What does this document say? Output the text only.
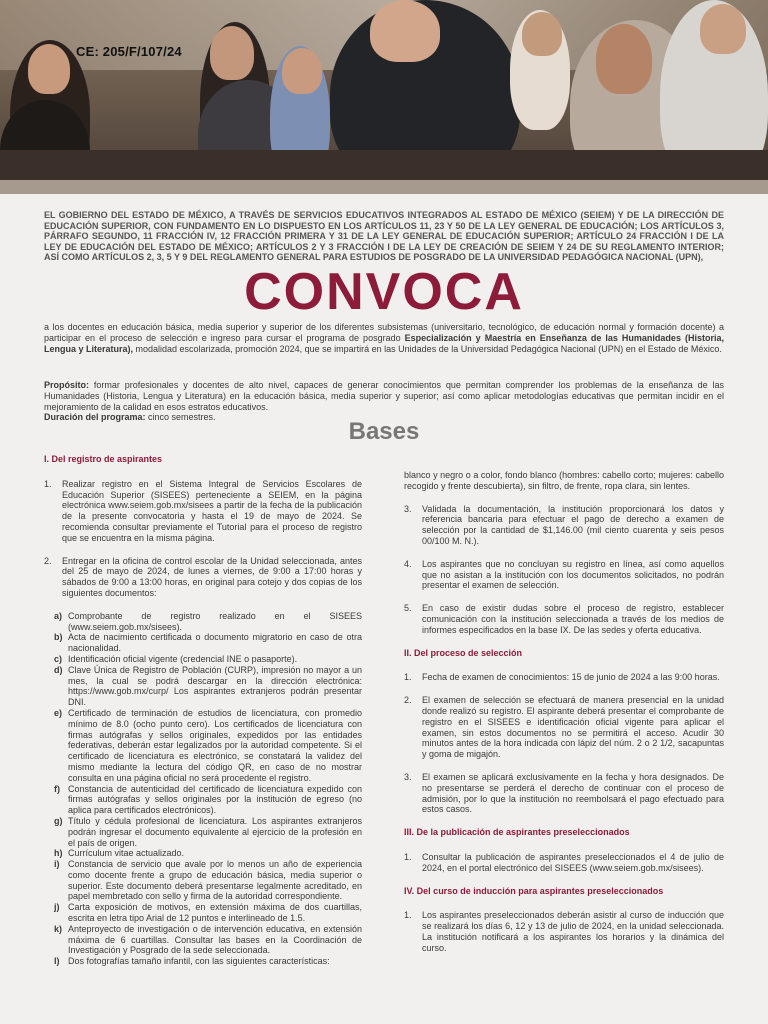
CE: 205/F/107/24
EL GOBIERNO DEL ESTADO DE MÉXICO, A TRAVÉS DE SERVICIOS EDUCATIVOS INTEGRADOS AL ESTADO DE MÉXICO (SEIEM) Y DE LA DIRECCIÓN DE EDUCACIÓN SUPERIOR, CON FUNDAMENTO EN LO DISPUESTO EN LOS ARTÍCULOS 11, 23 Y 50 DE LA LEY GENERAL DE EDUCACIÓN; LOS ARTÍCULOS 3, PÁRRAFO SEGUNDO, 11 FRACCIÓN IV, 12 FRACCIÓN PRIMERA Y 31 DE LA LEY GENERAL DE EDUCACIÓN SUPERIOR; ARTÍCULO 24 FRACCIÓN I DE LA LEY DE EDUCACIÓN DEL ESTADO DE MÉXICO; ARTÍCULOS 2 Y 3 FRACCIÓN I DE LA LEY DE CREACIÓN DE SEIEM Y 24 DE SU REGLAMENTO INTERIOR; ASÍ COMO ARTÍCULOS 2, 3, 5 Y 9 DEL REGLAMENTO GENERAL PARA ESTUDIOS DE POSGRADO DE LA UNIVERSIDAD PEDAGÓGICA NACIONAL (UPN),
CONVOCA
a los docentes en educación básica, media superior y superior de los diferentes subsistemas (universitario, tecnológico, de educación normal y formación docente) a participar en el proceso de selección e ingreso para cursar el programa de posgrado Especialización y Maestría en Enseñanza de las Humanidades (Historia, Lengua y Literatura), modalidad escolarizada, promoción 2024, que se impartirá en las Unidades de la Universidad Pedagógica Nacional (UPN) en el Estado de México.
Propósito: formar profesionales y docentes de alto nivel, capaces de generar conocimientos que permitan comprender los problemas de la enseñanza de las Humanidades (Historia, Lengua y Literatura) en la educación básica, media superior y superior; así como aplicar metodologías educativas que permitan incidir en el mejoramiento de la calidad en esos estratos educativos.
Duración del programa: cinco semestres.
Bases
I. Del registro de aspirantes
1.	Realizar registro en el Sistema Integral de Servicios Escolares de Educación Superior (SISEES) perteneciente a SEIEM, en la página electrónica www.seiem.gob.mx/sisees a partir de la fecha de la publicación de la presente convocatoria y hasta el 19 de mayo de 2024. Se recomienda consultar previamente el Tutorial para el proceso de registro que se encuentra en la misma página.
2.	Entregar en la oficina de control escolar de la Unidad seleccionada, antes del 25 de mayo de 2024, de lunes a viernes, de 9:00 a 17:00 horas y sábados de 9:00 a 13:00 horas, en original para cotejo y dos copias de los siguientes documentos:
a) Comprobante de registro realizado en el SISEES (www.seiem.gob.mx/sisees).
b) Acta de nacimiento certificada o documento migratorio en caso de otra nacionalidad.
c) Identificación oficial vigente (credencial INE o pasaporte).
d) Clave Única de Registro de Población (CURP), impresión no mayor a un mes, la cual se podrá descargar en la dirección electrónica: https://www.gob.mx/curp/ Los aspirantes extranjeros podrán presentar DNI.
e) Certificado de terminación de estudios de licenciatura, con promedio mínimo de 8.0 (ocho punto cero). Los certificados de licenciatura con firmas autógrafas y sellos originales, expedidos por las entidades federativas, deberán estar legalizados por la autoridad competente. Si el certificado de licenciatura es electrónico, se constatará la validez del mismo mediante la lectura del código QR, en caso de no mostrar consulta en una página oficial no será procedente el registro.
f) Constancia de autenticidad del certificado de licenciatura expedido con firmas autógrafas y sellos originales por la institución de egreso (no aplica para certificados electrónicos).
g) Título y cédula profesional de licenciatura. Los aspirantes extranjeros podrán ingresar el documento equivalente al ejercicio de la profesión en el país de origen.
h) Currículum vitae actualizado.
i) Constancia de servicio que avale por lo menos un año de experiencia como docente frente a grupo de educación básica, media superior o superior. Este documento deberá presentarse legalmente acreditado, en papel membretado con sello y firma de la autoridad correspondiente.
j) Carta exposición de motivos, en extensión máxima de dos cuartillas, escrita en letra tipo Arial de 12 puntos e interlineado de 1.5.
k) Anteproyecto de investigación o de intervención educativa, en extensión máxima de 6 cuartillas. Consultar las bases en la Coordinación de Investigación y Posgrado de la sede seleccionada.
l) Dos fotografías tamaño infantil, con las siguientes características:
blanco y negro o a color, fondo blanco (hombres: cabello corto; mujeres: cabello recogido y frente descubierta), sin filtro, de frente, ropa clara, sin lentes.
3.	Validada la documentación, la institución proporcionará los datos y referencia bancaria para efectuar el pago de derecho a examen de selección por la cantidad de $1,146.00 (mil ciento cuarenta y seis pesos 00/100 M. N.).
4.	Los aspirantes que no concluyan su registro en línea, así como aquellos que no asistan a la institución con los documentos solicitados, no podrán presentar el examen de selección.
5.	En caso de existir dudas sobre el proceso de registro, establecer comunicación con la institución seleccionada a través de los medios de informes especificados en la base IX. De las sedes y oferta educativa.
II. Del proceso de selección
1.	Fecha de examen de conocimientos: 15 de junio de 2024 a las 9:00 horas.
2.	El examen de selección se efectuará de manera presencial en la unidad donde realizó su registro. El aspirante deberá presentar el comprobante de registro en el SISEES e identificación oficial vigente para aplicar el examen, sin estos documentos no se permitirá el acceso. Acudir 30 minutos antes de la hora indicada con lápiz del núm. 2 o 2 1/2, sacapuntas y goma de migajón.
3.	El examen se aplicará exclusivamente en la fecha y hora designados. De no presentarse se perderá el derecho de continuar con el proceso de admisión, por lo que la institución no reembolsará el pago efectuado para estos casos.
III. De la publicación de aspirantes preseleccionados
1.	Consultar la publicación de aspirantes preseleccionados el 4 de julio de 2024, en el portal electrónico del SISEES (www.seiem.gob.mx/sisees).
IV. Del curso de inducción para aspirantes preseleccionados
1.	Los aspirantes preseleccionados deberán asistir al curso de inducción que se realizará los días 6, 12 y 13 de julio de 2024, en la unidad seleccionada. La institución notificará a los aspirantes los horarios y la dinámica del curso.
